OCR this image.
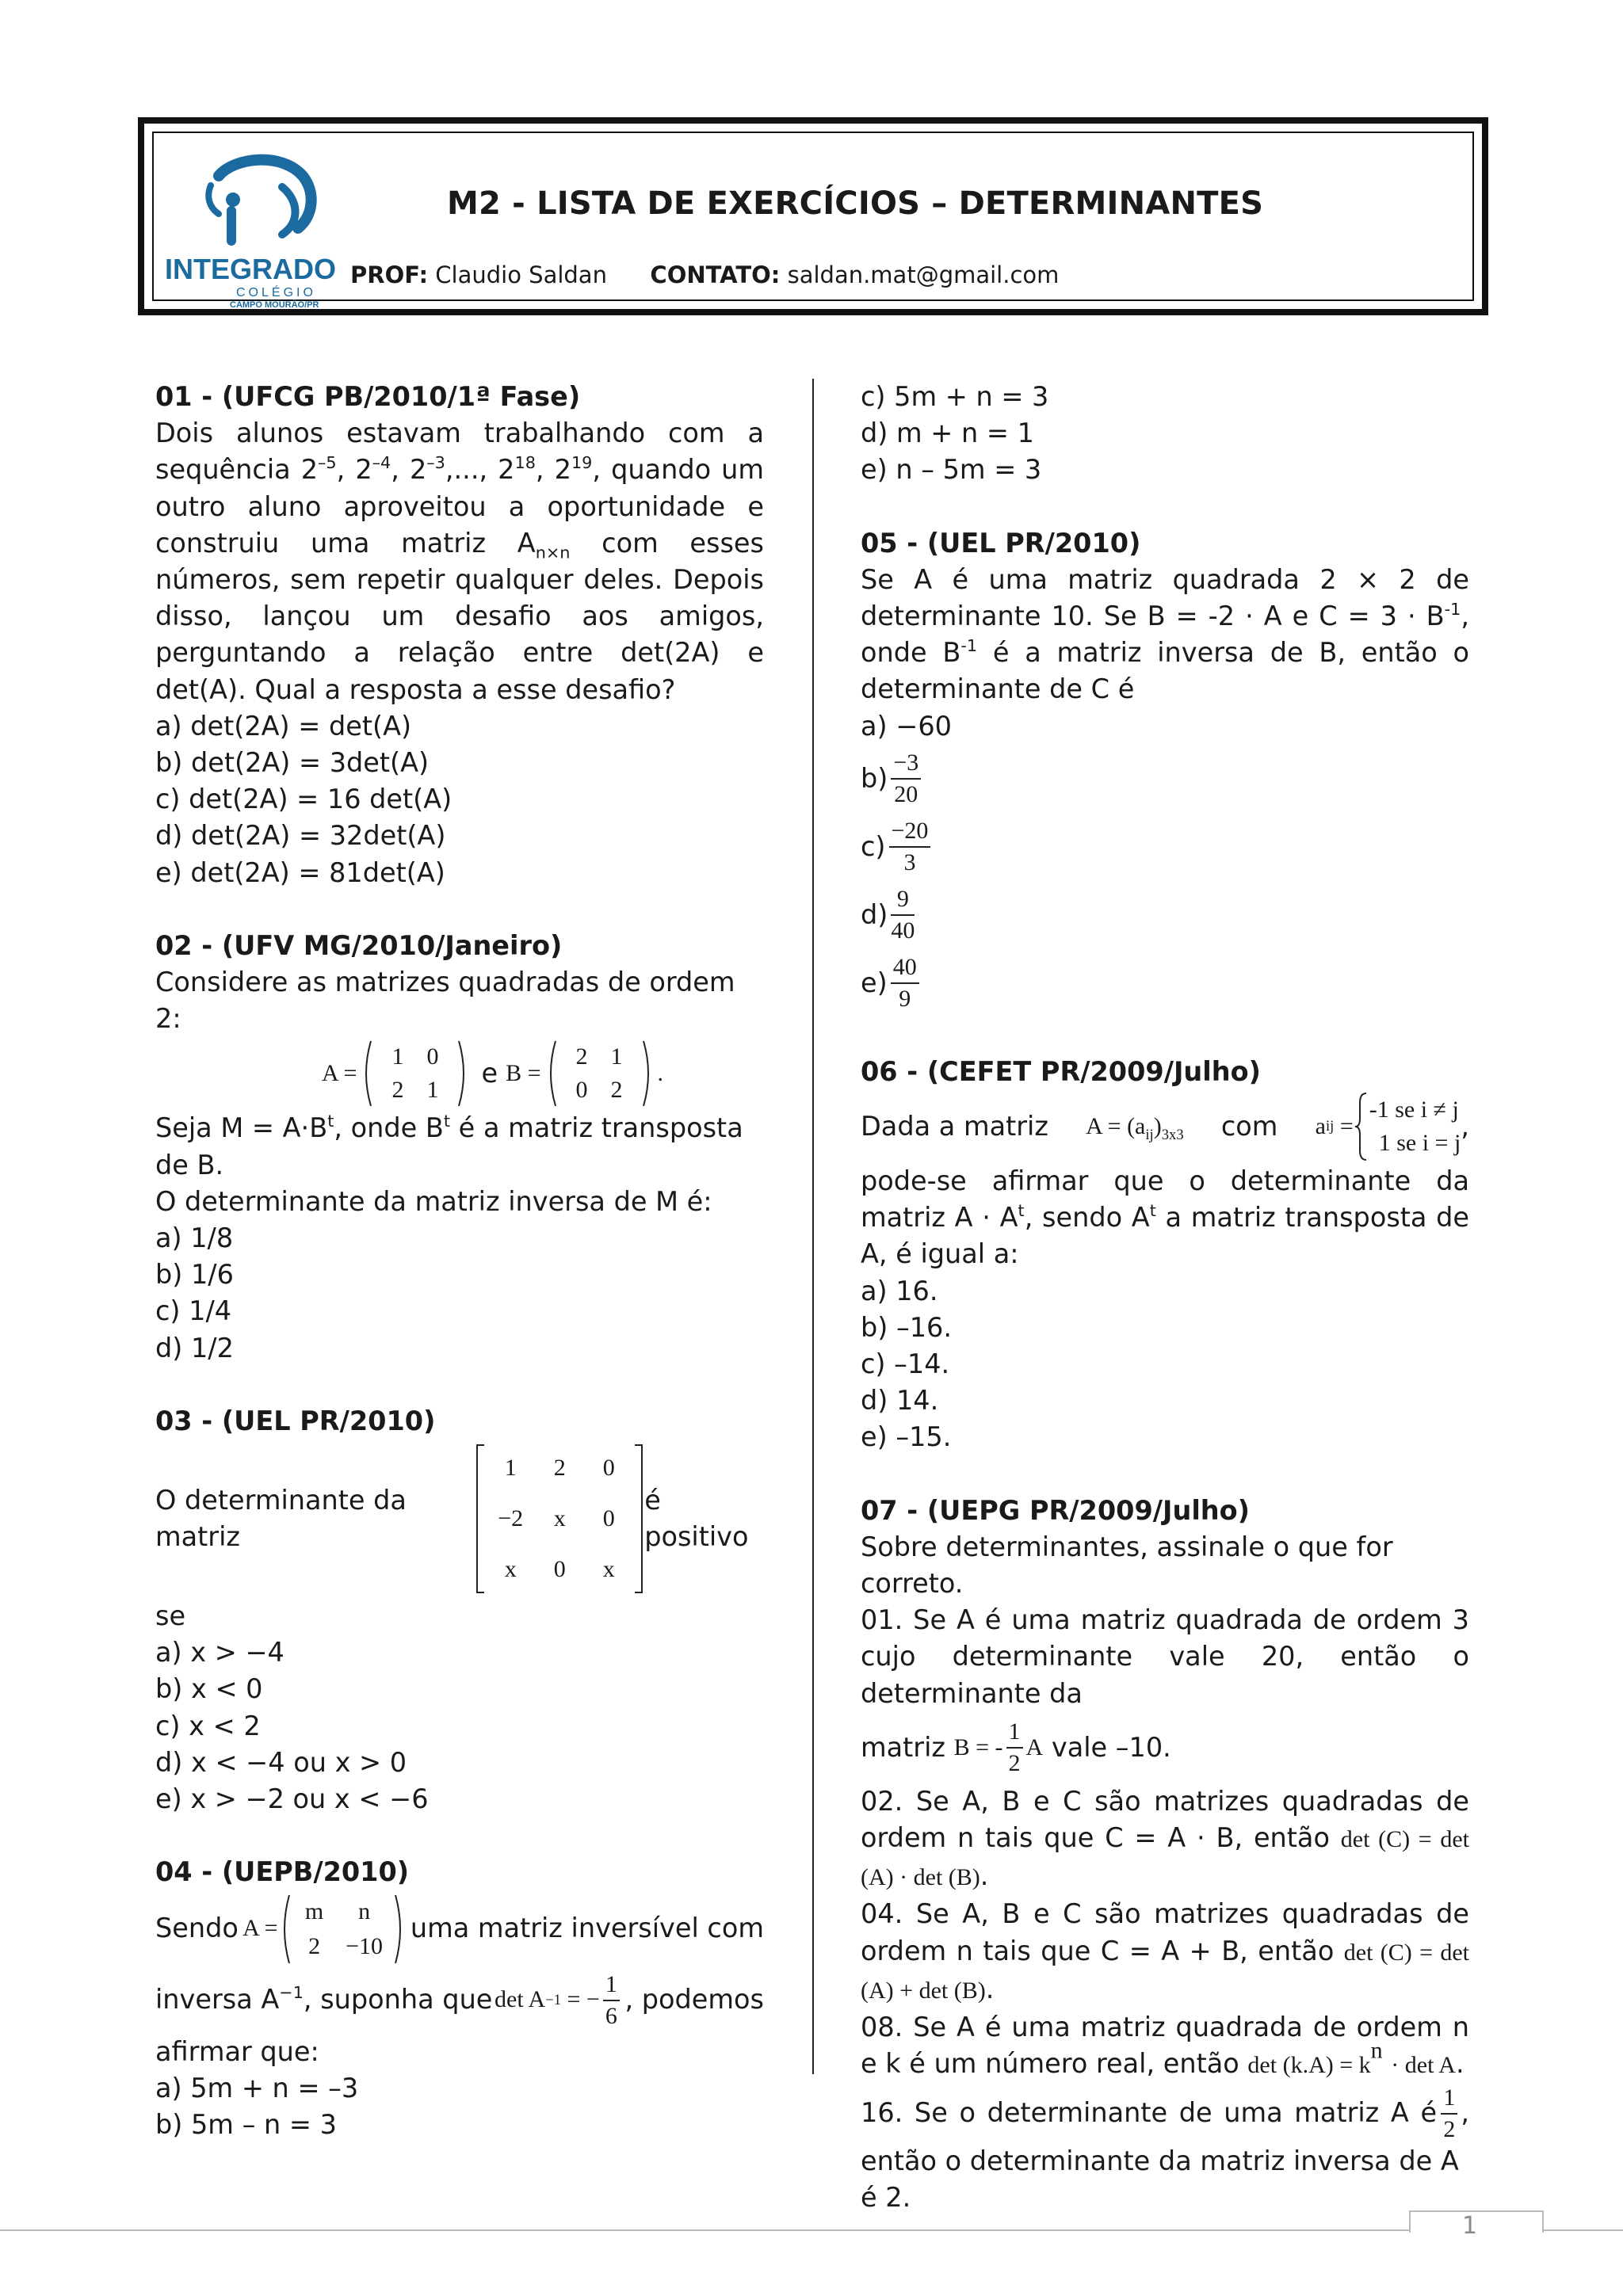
INTEGRADO
COLÉGIO
CAMPO MOURÃO/PR
M2 - LISTA DE EXERCÍCIOS – DETERMINANTES
PROF: Claudio Saldan CONTATO: saldan.mat@gmail.com

01 - (UFCG PB/2010/1ª Fase)

Dois alunos estavam trabalhando com a sequência $2^{-5}$, $2^{-4}$, $2^{-3}$,..., $2^{18}$, $2^{19}$, quando um outro aluno aproveitou a oportunidade e construiu uma matriz $A_{n\times n}$ com esses números, sem repetir qualquer deles. Depois disso, lançou um desafio aos amigos, perguntando a relação entre det(2A) e det(A). Qual a resposta a esse desafio?

a) det(2A) = det(A)

b) det(2A) = 3det(A)

c) det(2A) = 16 det(A)

d) det(2A) = 32det(A)

e) det(2A) = 81det(A)

02 - (UFV MG/2010/Janeiro)

Considere as matrizes quadradas de ordem 2:

A =

1 0
2 1

e B =

2 1
0 2

.

Seja $M = A\cdot B^t$, onde $B^t$ é a matriz transposta de B.

O determinante da matriz inversa de M é:

a) 1/8

b) 1/6

c) 1/4

d) 1/2

03 - (UEL PR/2010)

O determinante da matriz
1	2	0
−2	x	0
x	0	x
é positivo

se

a) x > −4

b) x < 0

c) x < 2

d) x < −4 ou x > 0

e) x > −2 ou x < −6

04 - (UEPB/2010)

Sendo A =
m	n
2	−10
uma matriz inversível com
inversa $A^{-1}$, suponha que det A −1
= − $\frac{1}{6}$ , podemos

afirmar que:

a) 5m + n = –3

b) 5m – n = 3

c) 5m + n = 3

d) m + n = 1

e) n – 5m = 3

05 - (UEL PR/2010)

Se A é uma matriz quadrada 2 × 2 de determinante 10. Se B = -2 · A e $C = 3 \cdot B^{-1}$, onde $B^{-1}$ é a matriz inversa de B, então o determinante de C é

a) −60

$b) \frac{-3}{20}$
$c) \frac{-20}{3}$
$d) \frac{9}{40}$
$e) \frac{40}{9}$

06 - (CEFET PR/2009/Julho)

Dada a matriz $A = (a_{ij})_{3x3}$ com a ij
=
-1 se i ≠ j
1 se i = j
,

pode-se afirmar que o determinante da matriz $A \cdot A^t$, sendo $A^t$ a matriz transposta de A, é igual a:

a) 16.

b) –16.

c) –14.

d) 14.

e) –15.

07 - (UEPG PR/2009/Julho)

Sobre determinantes, assinale o que for correto.

01. Se A é uma matriz quadrada de ordem 3 cujo determinante vale 20, então o determinante da

matriz
B = - $\frac{1}{2}$ A
vale –10.

02. Se A, B e C são matrizes quadradas de ordem n tais que C = A · B, então det (C) = det (A) · det (B).

04. Se A, B e C são matrizes quadradas de ordem n tais que C = A + B, então det (C) = det (A) + det (B).

08. Se A é uma matriz quadrada de ordem n e k é um número real, então $\det (k.A) = k^n \cdot \det A$.

16. Se o determinante de uma matriz A é $\frac{1}{2}$ ,

então o determinante da matriz inversa de A é 2.

1
